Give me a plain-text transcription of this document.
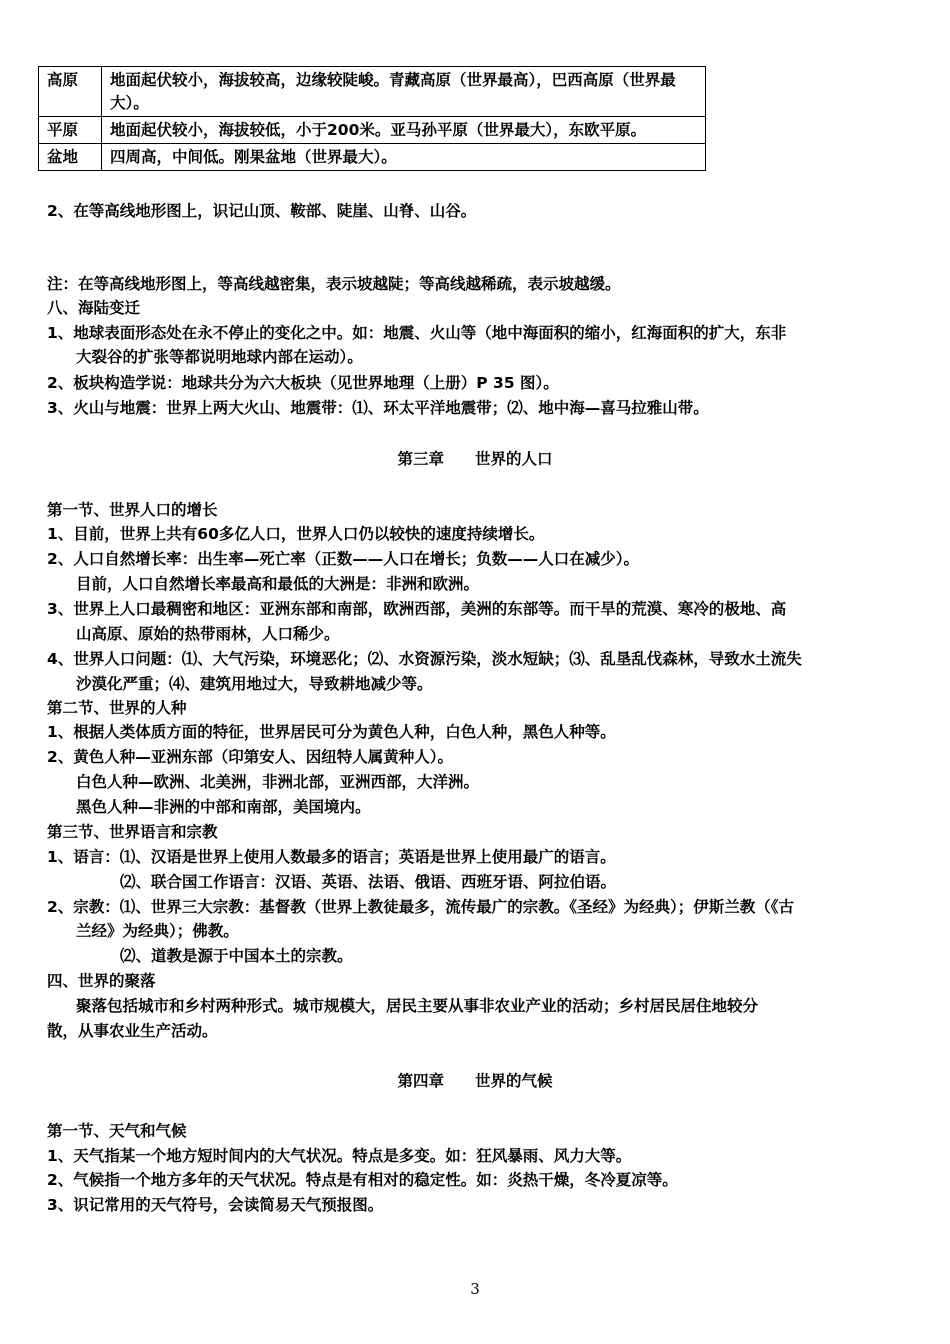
高原	地面起伏较小，海拔较高，边缘较陡峻。青藏高原（世界最高），巴西高原（世界最大）。
平原	地面起伏较小，海拔较低，小于200米。亚马孙平原（世界最大），东欧平原。
盆地	四周高，中间低。刚果盆地（世界最大）。
2、在等高线地形图上，识记山顶、鞍部、陡崖、山脊、山谷。
注：在等高线地形图上，等高线越密集，表示坡越陡；等高线越稀疏，表示坡越缓。
八、海陆变迁
1、地球表面形态处在永不停止的变化之中。如：地震、火山等（地中海面积的缩小，红海面积的扩大，东非
大裂谷的扩张等都说明地球内部在运动）。
2、板块构造学说：地球共分为六大板块（见世界地理（上册）P 35 图）。
3、火山与地震：世界上两大火山、地震带：⑴、环太平洋地震带；⑵、地中海—喜马拉雅山带。
第三章　　世界的人口
第一节、世界人口的增长
1、目前，世界上共有60多亿人口，世界人口仍以较快的速度持续增长。
2、人口自然增长率：出生率—死亡率（正数——人口在增长；负数——人口在减少）。
目前，人口自然增长率最高和最低的大洲是：非洲和欧洲。
3、世界上人口最稠密和地区：亚洲东部和南部，欧洲西部，美洲的东部等。而干旱的荒漠、寒冷的极地、高
山高原、原始的热带雨林，人口稀少。
4、世界人口问题：⑴、大气污染，环境恶化；⑵、水资源污染，淡水短缺；⑶、乱垦乱伐森林，导致水土流失
沙漠化严重；⑷、建筑用地过大，导致耕地减少等。
第二节、世界的人种
1、根据人类体质方面的特征，世界居民可分为黄色人种，白色人种，黑色人种等。
2、黄色人种—亚洲东部（印第安人、因纽特人属黄种人）。
白色人种—欧洲、北美洲，非洲北部，亚洲西部，大洋洲。
黑色人种—非洲的中部和南部，美国境内。
第三节、世界语言和宗教
1、语言：⑴、汉语是世界上使用人数最多的语言；英语是世界上使用最广的语言。
⑵、联合国工作语言：汉语、英语、法语、俄语、西班牙语、阿拉伯语。
2、宗教：⑴、世界三大宗教：基督教（世界上教徒最多，流传最广的宗教。《圣经》为经典）；伊斯兰教（《古
兰经》为经典）；佛教。
⑵、道教是源于中国本土的宗教。
四、世界的聚落
聚落包括城市和乡村两种形式。城市规模大，居民主要从事非农业产业的活动；乡村居民居住地较分
散，从事农业生产活动。
第四章　　世界的气候
第一节、天气和气候
1、天气指某一个地方短时间内的大气状况。特点是多变。如：狂风暴雨、风力大等。
2、气候指一个地方多年的天气状况。特点是有相对的稳定性。如：炎热干燥，冬冷夏凉等。
3、识记常用的天气符号，会读简易天气预报图。
3
